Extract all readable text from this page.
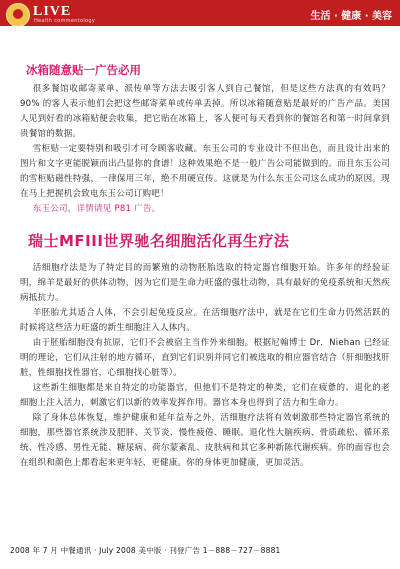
LIVE
Health commentology	生活 · 健康 · 美容
冰箱随意贴一广告必用

很多餐馆收邮寄菜单、派传单等方法去吸引客人到自己餐馆，但是这些方法真的有效吗？ 90% 的客人表示他们会把这些邮寄菜单或传单丢掉。所以冰箱随意贴是最好的广告产品。美国人见到好看的冰箱贴便会收集，把它贴在冰箱上，客人便可每天看到你的餐馆名和第一时间拿到贵餐馆的数据。

雪柜贴一定要特别和吸引才可令顾客收藏。东玉公司的专业设计不但出色，而且设计出来的图片和文字更能脱颖而出凸显你的食谱！这种效果绝不是一般广告公司能做到的。而且东玉公司的雪柜贴磁性特强，一律保用三年，绝不用硬宣传。这就是为什么东玉公司这么成功的原因。现在马上把握机会致电东玉公司订购吧！

东玉公司，详情请见 P81 广告。

瑞士MFIII世界驰名细胞活化再生疗法

活细胞疗法是为了特定目的而繁殖的动物胚胎选取的特定器官细胞开始。许多年的经验证明，绵羊是最好的供体动物，因为它们是生命力旺盛的强壮动物，具有最好的免疫系统和天然疾病抵抗力。

羊胚胎尤其适合人体，不会引起免疫反应。在活细胞疗法中，就是在它们生命力仍然活跃的时候将这些活力旺盛的新生细胞注入人体内。

由于胚胎细胞没有抗原，它们不会被宿主当作外来细胞。根据尼翰博士 Dr．Niehan 已经证明的理论，它们从注射的地方循环，直到它们识别并同它们被选取的相应器官结合（肝细胞找肝脏，性细胞找性器官，心细胞找心脏等）。

这些新生细胞都是来自特定的功能器官，但他们不是特定的种类，它们在疲惫的、退化的老细胞上注入活力，刺激它们以新的效率发挥作用。器官本身也得到了活力和生命力。

除了身体总体恢复，维护健康和延年益寿之外，活细胞疗法将有效刺激那些特定器官系统的细胞，那些器官系统涉及肥胖、关节炎、慢性疲倦、睡眠、退化性大脑疾病、骨质疏松、循环系统、性冷感、男性无能、糖尿病、荷尔蒙紊乱、皮肤病和其它多种新陈代谢疾病。你的面容也会在组织和颜色上都看起来更年轻、更健康。你的身体更加健康，更加灵活。

2008 年 7 月 中餐通讯 · July 2008 美中版 · 刊登广告 1－888－727－8881
